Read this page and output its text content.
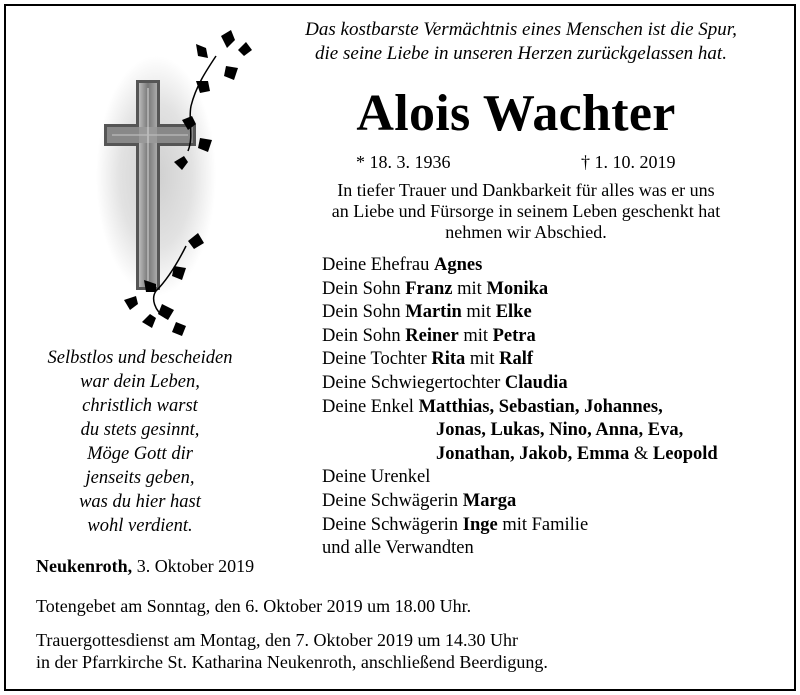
Das kostbarste Vermächtnis eines Menschen ist die Spur,
die seine Liebe in unseren Herzen zurückgelassen hat.
Alois Wachter
* 18. 3. 1936	† 1. 10. 2019
In tiefer Trauer und Dankbarkeit für alles was er uns
an Liebe und Fürsorge in seinem Leben geschenkt hat
nehmen wir Abschied.
Deine Ehefrau Agnes
Dein Sohn Franz mit Monika
Dein Sohn Martin mit Elke
Dein Sohn Reiner mit Petra
Deine Tochter Rita mit Ralf
Deine Schwiegertochter Claudia
Deine Enkel Matthias, Sebastian, Johannes,
Jonas, Lukas, Nino, Anna, Eva,
Jonathan, Jakob, Emma & Leopold
Deine Urenkel
Deine Schwägerin Marga
Deine Schwägerin Inge mit Familie
und alle Verwandten
Selbstlos und bescheiden
war dein Leben,
christlich warst
du stets gesinnt,
Möge Gott dir
jenseits geben,
was du hier hast
wohl verdient.
Neukenroth, 3. Oktober 2019
Totengebet am Sonntag, den 6. Oktober 2019 um 18.00 Uhr.
Trauergottesdienst am Montag, den 7. Oktober 2019 um 14.30 Uhr
in der Pfarrkirche St. Katharina Neukenroth, anschließend Beerdigung.
